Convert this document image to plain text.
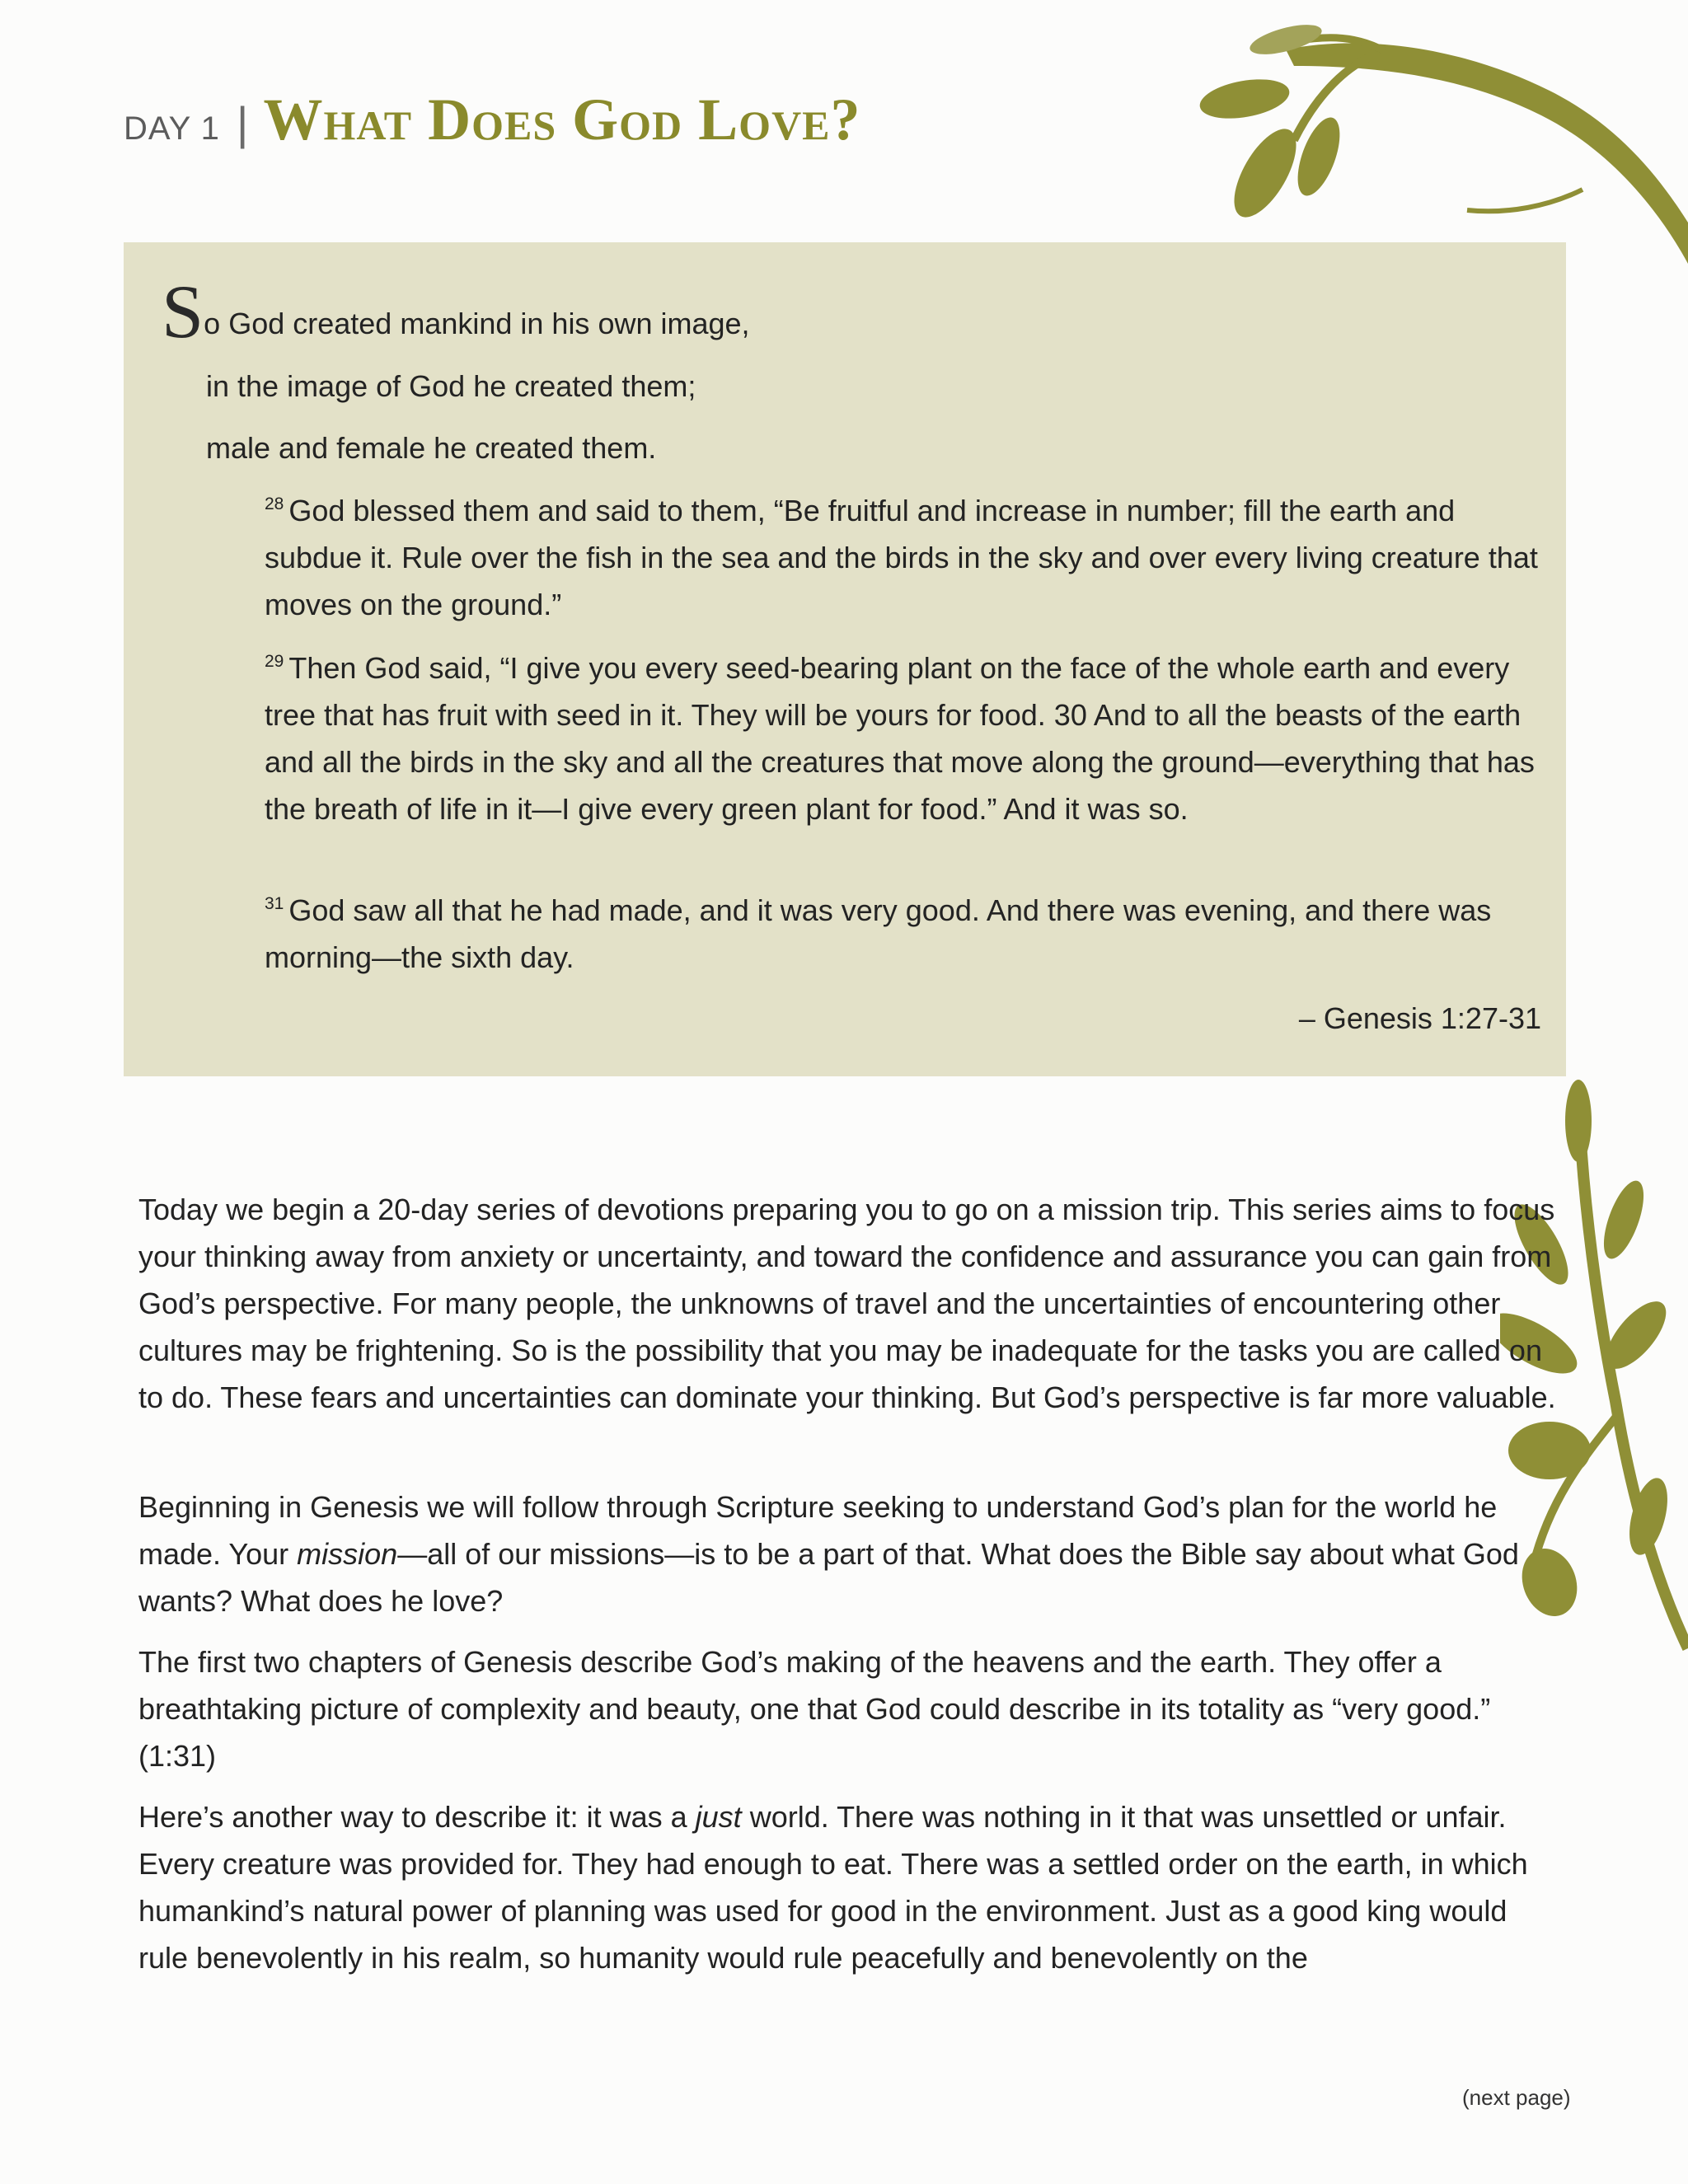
DAY 1 | What Does God Love?
So God created mankind in his own image,
in the image of God he created them;
male and female he created them.
$^{28}$ God blessed them and said to them, “Be fruitful and increase in number; fill the earth and subdue it. Rule over the fish in the sea and the birds in the sky and over every living creature that moves on the ground.”
$^{29}$ Then God said, “I give you every seed-bearing plant on the face of the whole earth and every tree that has fruit with seed in it. They will be yours for food. 30 And to all the beasts of the earth and all the birds in the sky and all the creatures that move along the ground—everything that has the breath of life in it—I give every green plant for food.” And it was so.
$^{31}$ God saw all that he had made, and it was very good. And there was evening, and there was morning—the sixth day.
– Genesis 1:27-31

Today we begin a 20-day series of devotions preparing you to go on a mission trip. This series aims to focus your thinking away from anxiety or uncertainty, and toward the confidence and assurance you can gain from God’s perspective. For many people, the unknowns of travel and the uncertainties of encountering other cultures may be frightening. So is the possibility that you may be inadequate for the tasks you are called on to do. These fears and uncertainties can dominate your thinking. But God’s perspective is far more valuable.

Beginning in Genesis we will follow through Scripture seeking to understand God’s plan for the world he made. Your mission—all of our missions—is to be a part of that. What does the Bible say about what God wants? What does he love?

The first two chapters of Genesis describe God’s making of the heavens and the earth. They offer a breathtaking picture of complexity and beauty, one that God could describe in its totality as “very good.” (1:31)

Here’s another way to describe it: it was a just world. There was nothing in it that was unsettled or unfair. Every creature was provided for. They had enough to eat. There was a settled order on the earth, in which humankind’s natural power of planning was used for good in the environment. Just as a good king would rule benevolently in his realm, so humanity would rule peacefully and benevolently on the

(next page)
